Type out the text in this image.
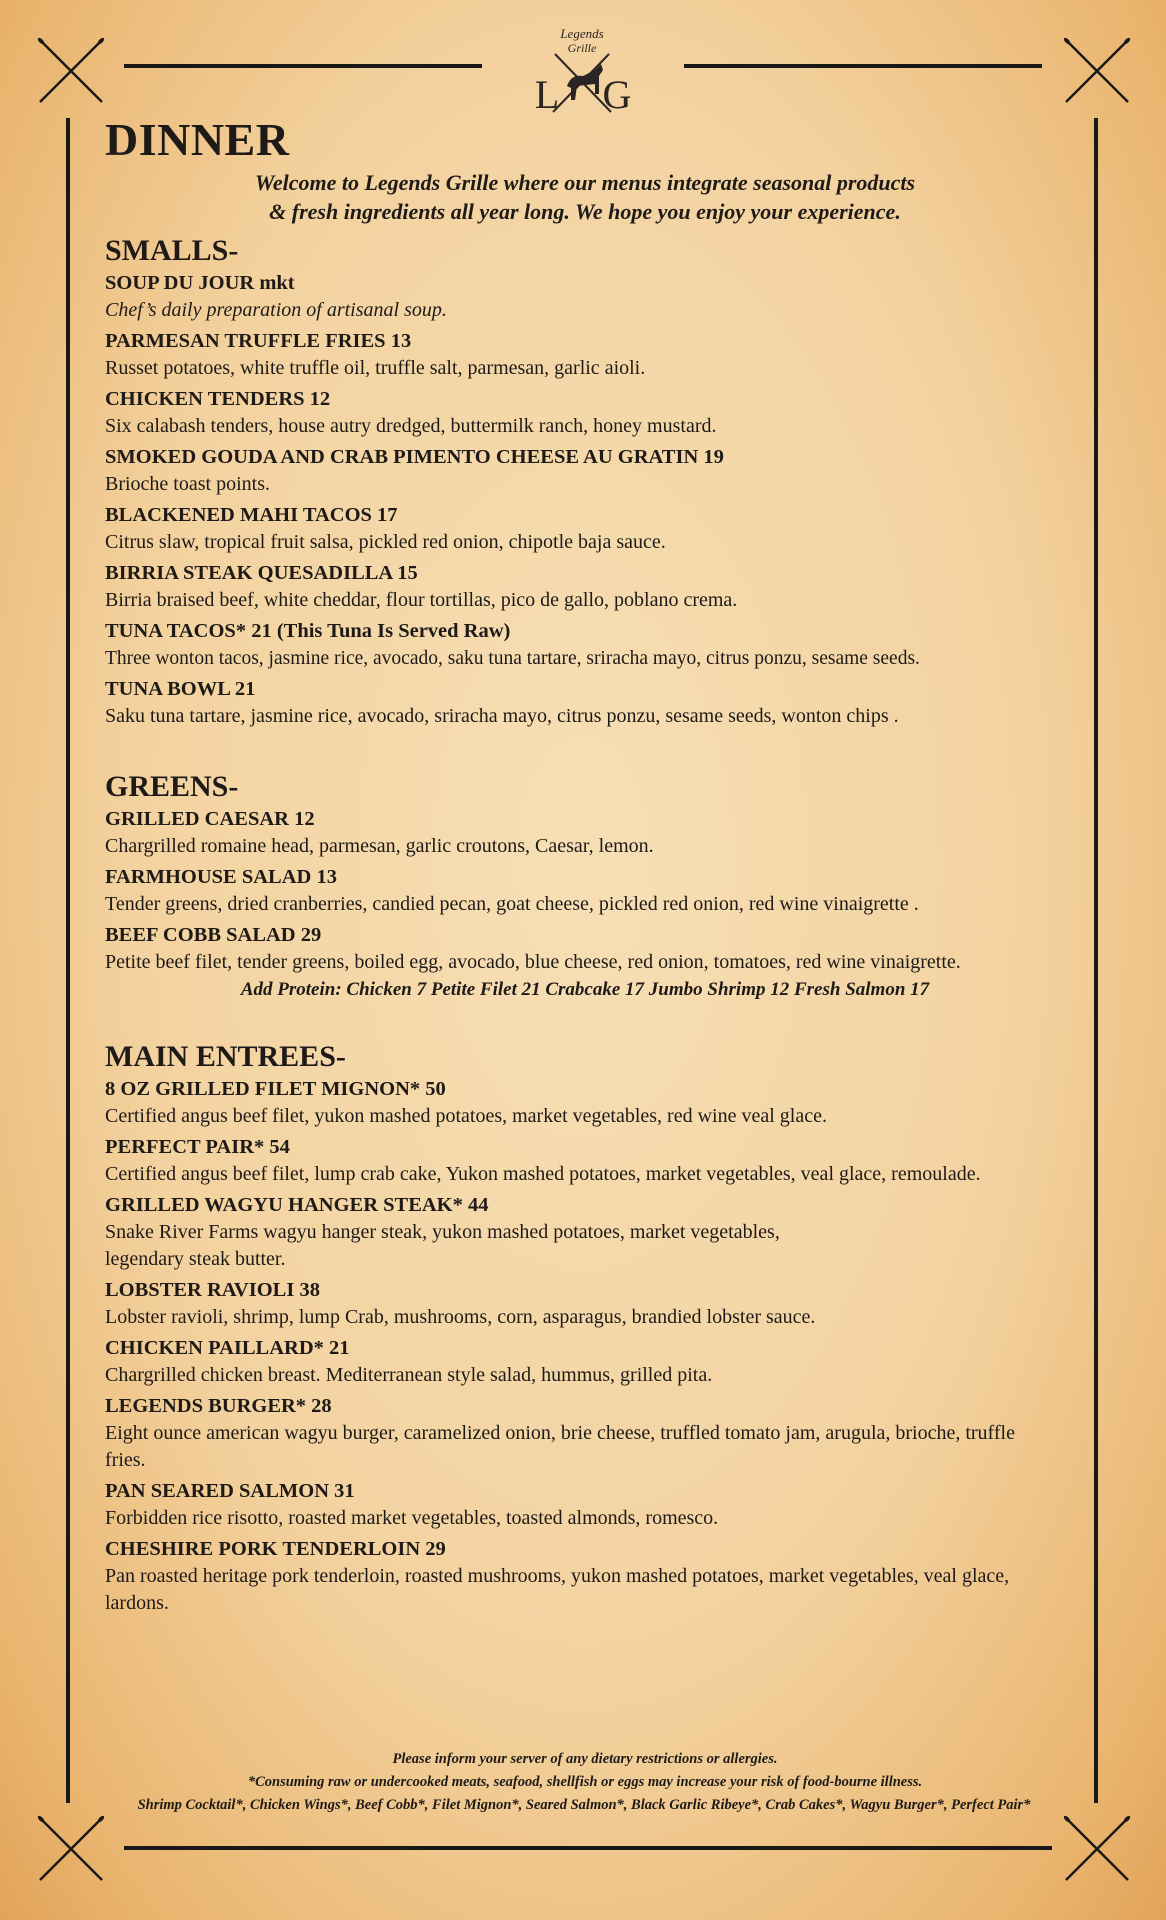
Legends
Grille
L G
&
DINNER

Welcome to Legends Grille where our menus integrate seasonal products
& fresh ingredients all year long. We hope you enjoy your experience.

SMALLS-
SOUP DU JOUR mkt
Chef’s daily preparation of artisanal soup.
PARMESAN TRUFFLE FRIES 13
Russet potatoes, white truffle oil, truffle salt, parmesan, garlic aioli.
CHICKEN TENDERS 12
Six calabash tenders, house autry dredged, buttermilk ranch, honey mustard.
SMOKED GOUDA AND CRAB PIMENTO CHEESE AU GRATIN 19
Brioche toast points.
BLACKENED MAHI TACOS 17
Citrus slaw, tropical fruit salsa, pickled red onion, chipotle baja sauce.
BIRRIA STEAK QUESADILLA 15
Birria braised beef, white cheddar, flour tortillas, pico de gallo, poblano crema.
TUNA TACOS* 21 (This Tuna Is Served Raw)
Three wonton tacos, jasmine rice, avocado, saku tuna tartare, sriracha mayo, citrus ponzu, sesame seeds.
TUNA BOWL 21
Saku tuna tartare, jasmine rice, avocado, sriracha mayo, citrus ponzu, sesame seeds, wonton chips .
GREENS-
GRILLED CAESAR 12
Chargrilled romaine head, parmesan, garlic croutons, Caesar, lemon.
FARMHOUSE SALAD 13
Tender greens, dried cranberries, candied pecan, goat cheese, pickled red onion, red wine vinaigrette .
BEEF COBB SALAD 29
Petite beef filet, tender greens, boiled egg, avocado, blue cheese, red onion, tomatoes, red wine vinaigrette.
Add Protein: Chicken 7 Petite Filet 21 Crabcake 17 Jumbo Shrimp 12 Fresh Salmon 17
MAIN ENTREES-
8 OZ GRILLED FILET MIGNON* 50
Certified angus beef filet, yukon mashed potatoes, market vegetables, red wine veal glace.
PERFECT PAIR* 54
Certified angus beef filet, lump crab cake, Yukon mashed potatoes, market vegetables, veal glace, remoulade.
GRILLED WAGYU HANGER STEAK* 44
Snake River Farms wagyu hanger steak, yukon mashed potatoes, market vegetables,
legendary steak butter.
LOBSTER RAVIOLI 38
Lobster ravioli, shrimp, lump Crab, mushrooms, corn, asparagus, brandied lobster sauce.
CHICKEN PAILLARD* 21
Chargrilled chicken breast. Mediterranean style salad, hummus, grilled pita.
LEGENDS BURGER* 28
Eight ounce american wagyu burger, caramelized onion, brie cheese, truffled tomato jam, arugula, brioche, truffle fries.
PAN SEARED SALMON 31
Forbidden rice risotto, roasted market vegetables, toasted almonds, romesco.
CHESHIRE PORK TENDERLOIN 29
Pan roasted heritage pork tenderloin, roasted mushrooms, yukon mashed potatoes, market vegetables, veal glace, lardons.
Please inform your server of any dietary restrictions or allergies.
*Consuming raw or undercooked meats, seafood, shellfish or eggs may increase your risk of food-bourne illness.
Shrimp Cocktail*, Chicken Wings*, Beef Cobb*, Filet Mignon*, Seared Salmon*, Black Garlic Ribeye*, Crab Cakes*, Wagyu Burger*, Perfect Pair*
